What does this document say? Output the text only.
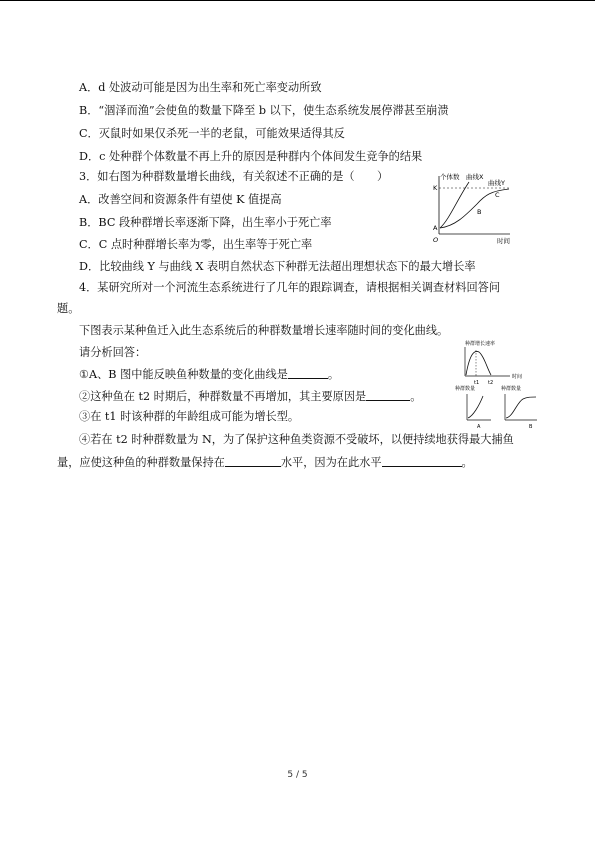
A．d 处波动可能是因为出生率和死亡率变动所致
B．“涸泽而渔”会使鱼的数量下降至 b 以下，使生态系统发展停滞甚至崩溃
C．灭鼠时如果仅杀死一半的老鼠，可能效果适得其反
D．c 处种群个体数量不再上升的原因是种群内个体间发生竞争的结果
3．如右图为种群数量增长曲线，有关叙述不正确的是（　　）
A．改善空间和资源条件有望使 K 值提高
B．BC 段种群增长率逐渐下降，出生率小于死亡率
C．C 点时种群增长率为零，出生率等于死亡率
D．比较曲线 Y 与曲线 X 表明自然状态下种群无法超出理想状态下的最大增长率
个体数 曲线X
曲线Y
K
A
B
C
O	时间
4．某研究所对一个河流生态系统进行了几年的跟踪调查，请根据相关调查材料回答问
题。
下图表示某种鱼迁入此生态系统后的种群数量增长速率随时间的变化曲线。
请分析回答：
①A、B 图中能反映鱼种数量的变化曲线是	。
②这种鱼在 t2 时期后，种群数量不再增加，其主要原因是	。
③在 t1 时该种群的年龄组成可能为增长型。
④若在 t2 时种群数量为 N，为了保护这种鱼类资源不受破坏，以便持续地获得最大捕鱼
量，应使这种鱼的种群数量保持在	水平，因为在此水平	。
种群增长速率
t1 t2
时间
种群数量
A
种群数量
B
5 / 5
